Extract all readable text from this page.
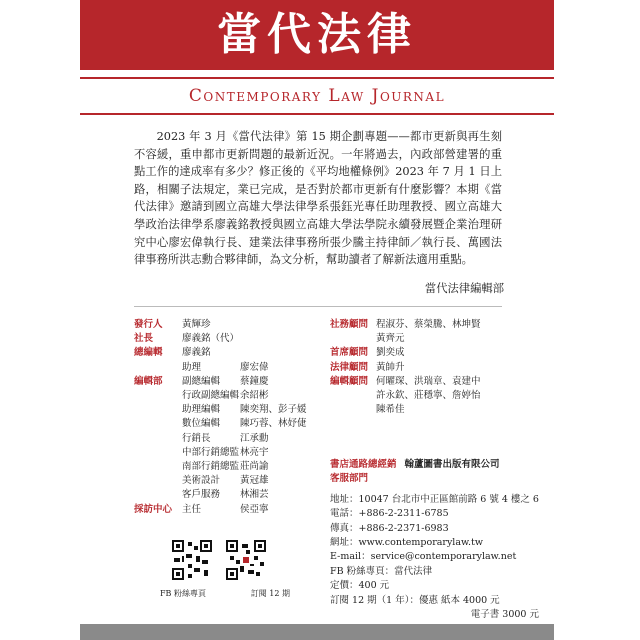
當代法律
Contemporary Law Journal

2023 年 3 月《當代法律》第 15 期企劃專題——都市更新與再生刻不容緩，重申都市更新問題的最新近況。一年將過去，內政部營建署的重點工作的達成率有多少？修正後的《平均地權條例》2023 年 7 月 1 日上路，相關子法規定，業已完成，是否對於都市更新有什麼影響？本期《當代法律》邀請到國立高雄大學法律學系張鈺光專任助理教授、國立高雄大學政治法律學系廖義銘教授與國立高雄大學法學院永續發展暨企業治理研究中心廖宏偉執行長、建業法律事務所張少騰主持律師／執行長、萬國法律事務所洪志勳合夥律師，為文分析，幫助讀者了解新法適用重點。

當代法律編輯部
發行人	黃輝珍
社長	廖義銘（代）
總編輯	廖義銘
助理	廖宏偉
編輯部	副總編輯	蔡鐘慶
行政副總編輯 余紹彬
助理編輯	陳奕翔、彭子媛
數位編輯	陳巧蓉、林妤倢
行銷長	江承勳
中部行銷總監 林亮宇
南部行銷總監 莊尚諭
美術設計	黃冠雄
客戶服務	林湘芸
採訪中心	主任	侯亞寧
社務顧問 程淑芬、蔡榮騰、林坤賢
黃齊元
首席顧問 劉奕成
法律顧問 黃帥升
編輯顧問 何曜琛、洪瑞章、袁建中
許永欽、莊穩寧、詹婷怡
陳希佳
書店通路總經銷 翰蘆圖書出版有限公司
客服部門
地址：10047 台北市中正區館前路 6 號 4 樓之 6
電話：+886-2-2311-6785
傳真：+886-2-2371-6983
網址：www.contemporarylaw.tw
E-mail：service@contemporarylaw.net
FB 粉絲專頁：當代法律
定價：400 元
訂閱 12 期（1 年）：優惠 紙本 4000 元
電子書 3000 元
FB 粉絲專頁	訂閱 12 期
